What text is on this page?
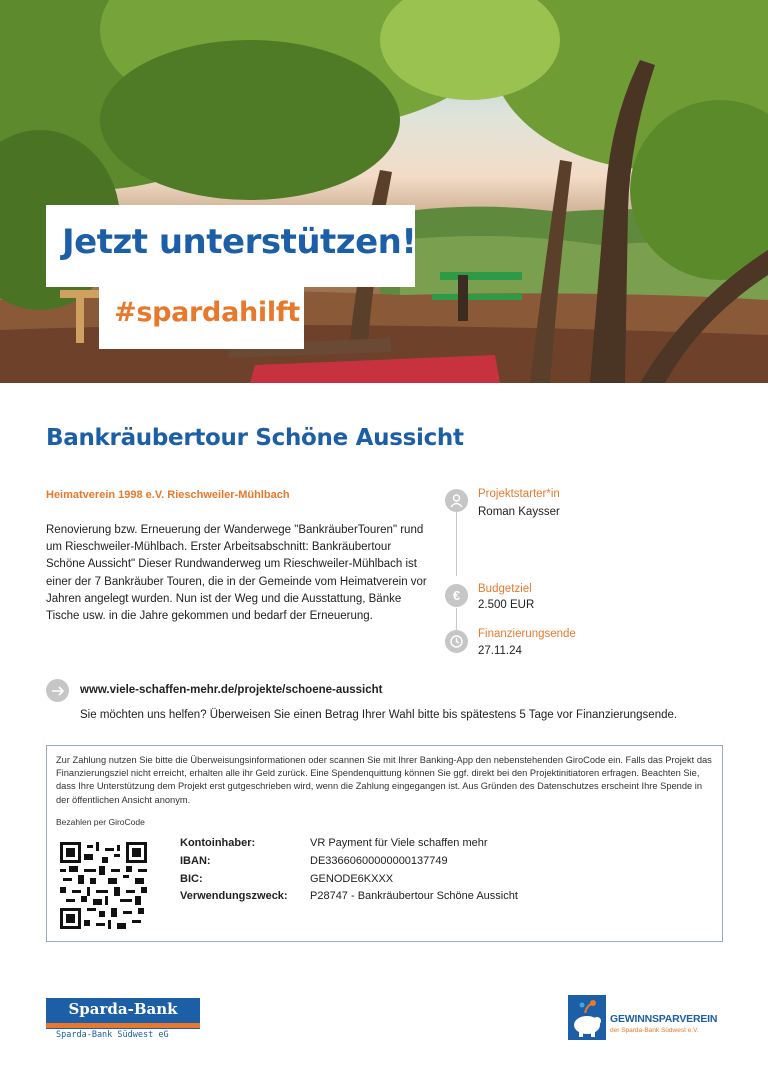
Jetzt unterstützen!
#spardahilft
Bankräubertour Schöne Aussicht
Heimatverein 1998 e.V. Rieschweiler-Mühlbach
Renovierung bzw. Erneuerung der Wanderwege "BankräuberTouren" rund um Rieschweiler-Mühlbach. Erster Arbeitsabschnitt: Bankräubertour Schöne Aussicht" Dieser Rundwanderweg um Rieschweiler-Mühlbach ist einer der 7 Bankräuber Touren, die in der Gemeinde vom Heimatverein vor Jahren angelegt wurden. Nun ist der Weg und die Ausstattung, Bänke Tische usw. in die Jahre gekommen und bedarf der Erneuerung.
Projektstarter*in
Roman Kaysser
€	Budgetziel
2.500 EUR
Finanzierungsende
27.11.24
www.viele-schaffen-mehr.de/projekte/schoene-aussicht
Sie möchten uns helfen? Überweisen Sie einen Betrag Ihrer Wahl bitte bis spätestens 5 Tage vor Finanzierungsende.
Zur Zahlung nutzen Sie bitte die Überweisungsinformationen oder scannen Sie mit Ihrer Banking-App den nebenstehenden GiroCode ein. Falls das Projekt das Finanzierungsziel nicht erreicht, erhalten alle ihr Geld zurück. Eine Spendenquittung können Sie ggf. direkt bei den Projektinitiatoren erfragen. Beachten Sie, dass Ihre Unterstützung dem Projekt erst gutgeschrieben wird, wenn die Zahlung eingegangen ist. Aus Gründen des Datenschutzes erscheint Ihre Spende in der öffentlichen Ansicht anonym.
Bezahlen per GiroCode
Kontoinhaber:	VR Payment für Viele schaffen mehr
IBAN:	DE33660600000000137749
BIC:	GENODE6KXXX
Verwendungszweck: P28747 - Bankräubertour Schöne Aussicht
Sparda-Bank
Sparda-Bank Südwest eG
GEWINNSPARVEREIN
der Sparda-Bank Südwest e.V.
